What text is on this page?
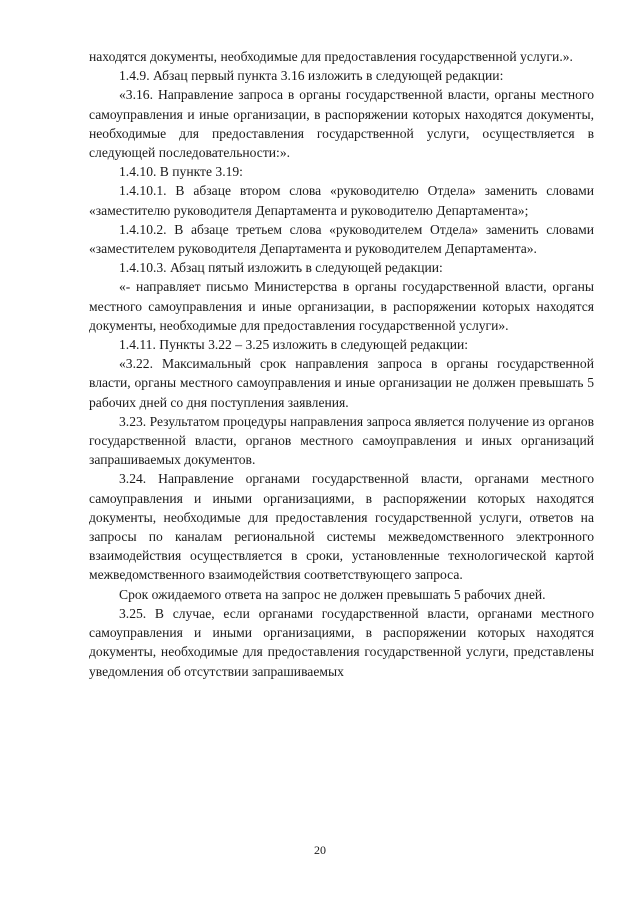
находятся документы, необходимые для предоставления государственной услуги.».

1.4.9. Абзац первый пункта 3.16 изложить в следующей редакции:

«3.16. Направление запроса в органы государственной власти, органы местного самоуправления и иные организации, в распоряжении которых находятся документы, необходимые для предоставления государственной услуги, осуществляется в следующей последовательности:».

1.4.10. В пункте 3.19:

1.4.10.1. В абзаце втором слова «руководителю Отдела» заменить словами «заместителю руководителя Департамента и руководителю Департамента»;

1.4.10.2. В абзаце третьем слова «руководителем Отдела» заменить словами «заместителем руководителя Департамента и руководителем Департамента».

1.4.10.3. Абзац пятый изложить в следующей редакции:

«- направляет письмо Министерства в органы государственной власти, органы местного самоуправления и иные организации, в распоряжении которых находятся документы, необходимые для предоставления государственной услуги».

1.4.11. Пункты 3.22 – 3.25 изложить в следующей редакции:

«3.22. Максимальный срок направления запроса в органы государственной власти, органы местного самоуправления и иные организации не должен превышать 5 рабочих дней со дня поступления заявления.

3.23. Результатом процедуры направления запроса является получение из органов государственной власти, органов местного самоуправления и иных организаций запрашиваемых документов.

3.24. Направление органами государственной власти, органами местного самоуправления и иными организациями, в распоряжении которых находятся документы, необходимые для предоставления государственной услуги, ответов на запросы по каналам региональной системы межведомственного электронного взаимодействия осуществляется в сроки, установленные технологической картой межведомственного взаимодействия соответствующего запроса.

Срок ожидаемого ответа на запрос не должен превышать 5 рабочих дней.

3.25. В случае, если органами государственной власти, органами местного самоуправления и иными организациями, в распоряжении которых находятся документы, необходимые для предоставления государственной услуги, представлены уведомления об отсутствии запрашиваемых

20
